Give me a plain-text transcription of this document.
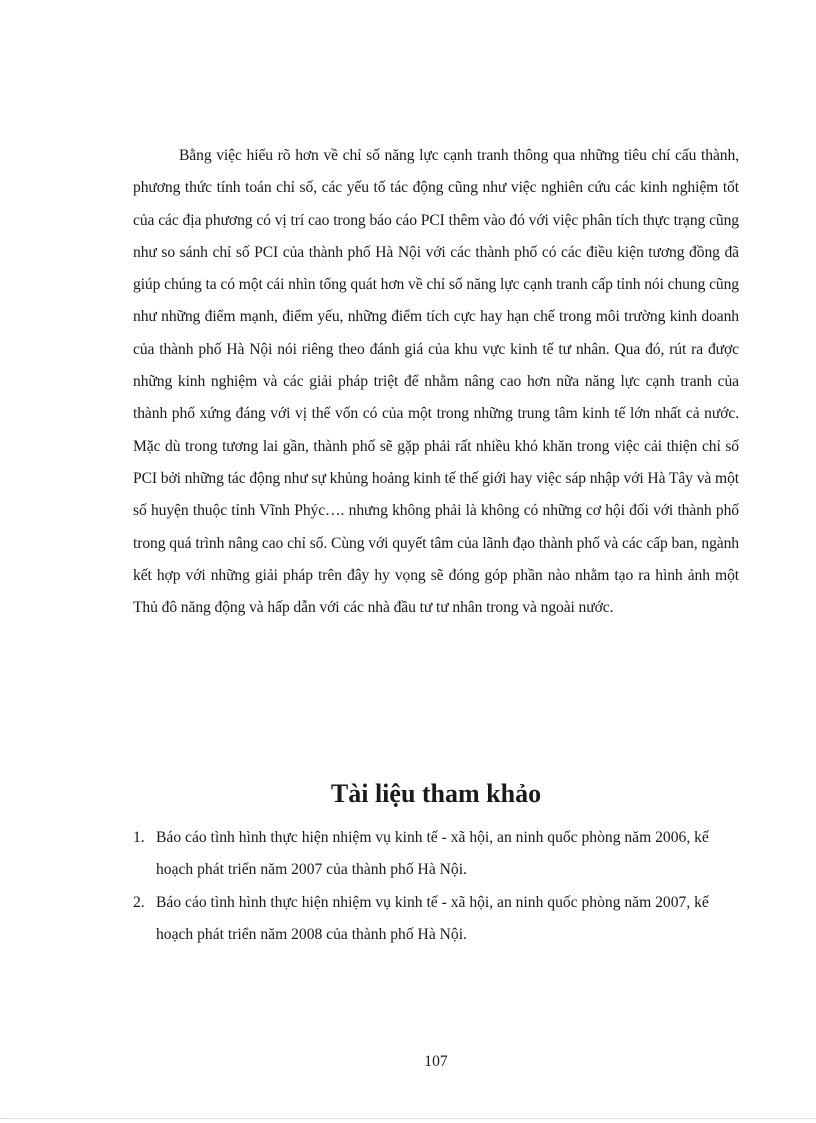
Bằng việc hiểu rõ hơn về chỉ số năng lực cạnh tranh thông qua những tiêu chí cấu thành, phương thức tính toán chỉ số, các yếu tố tác động cũng như việc nghiên cứu các kinh nghiệm tốt của các địa phương có vị trí cao trong báo cáo PCI thêm vào đó với việc phân tích thực trạng cũng như so sánh chỉ số PCI của thành phố Hà Nội với các thành phố có các điều kiện tương đồng đã giúp chúng ta có một cái nhìn tổng quát hơn về chỉ số năng lực cạnh tranh cấp tỉnh nói chung cũng như những điểm mạnh, điểm yếu, những điểm tích cực hay hạn chế trong môi trường kinh doanh của thành phố Hà Nội nói riêng theo đánh giá của khu vực kinh tế tư nhân. Qua đó, rút ra được những kinh nghiệm và các giải pháp triệt để nhằm nâng cao hơn nữa năng lực cạnh tranh của thành phố xứng đáng với vị thế vốn có của một trong những trung tâm kinh tế lớn nhất cả nước. Mặc dù trong tương lai gần, thành phố sẽ gặp phải rất nhiều khó khăn trong việc cải thiện chỉ số PCI bởi những tác động như sự khủng hoảng kinh tế thế giới hay việc sáp nhập với Hà Tây và một số huyện thuộc tỉnh Vĩnh Phýc…. nhưng không phải là không có những cơ hội đối với thành phố trong quá trình nâng cao chỉ số. Cùng với quyết tâm của lãnh đạo thành phố và các cấp ban, ngành kết hợp với những giải pháp trên đây hy vọng sẽ đóng góp phần nào nhằm tạo ra hình ảnh một Thủ đô năng động và hấp dẫn với các nhà đầu tư tư nhân trong và ngoài nước.

Tài liệu tham khảo
1. Báo cáo tình hình thực hiện nhiệm vụ kinh tế - xã hội, an ninh quốc phòng năm 2006, kế hoạch phát triển năm 2007 của thành phố Hà Nội.
2. Báo cáo tình hình thực hiện nhiệm vụ kinh tế - xã hội, an ninh quốc phòng năm 2007, kế hoạch phát triển năm 2008 của thành phố Hà Nội.
107
